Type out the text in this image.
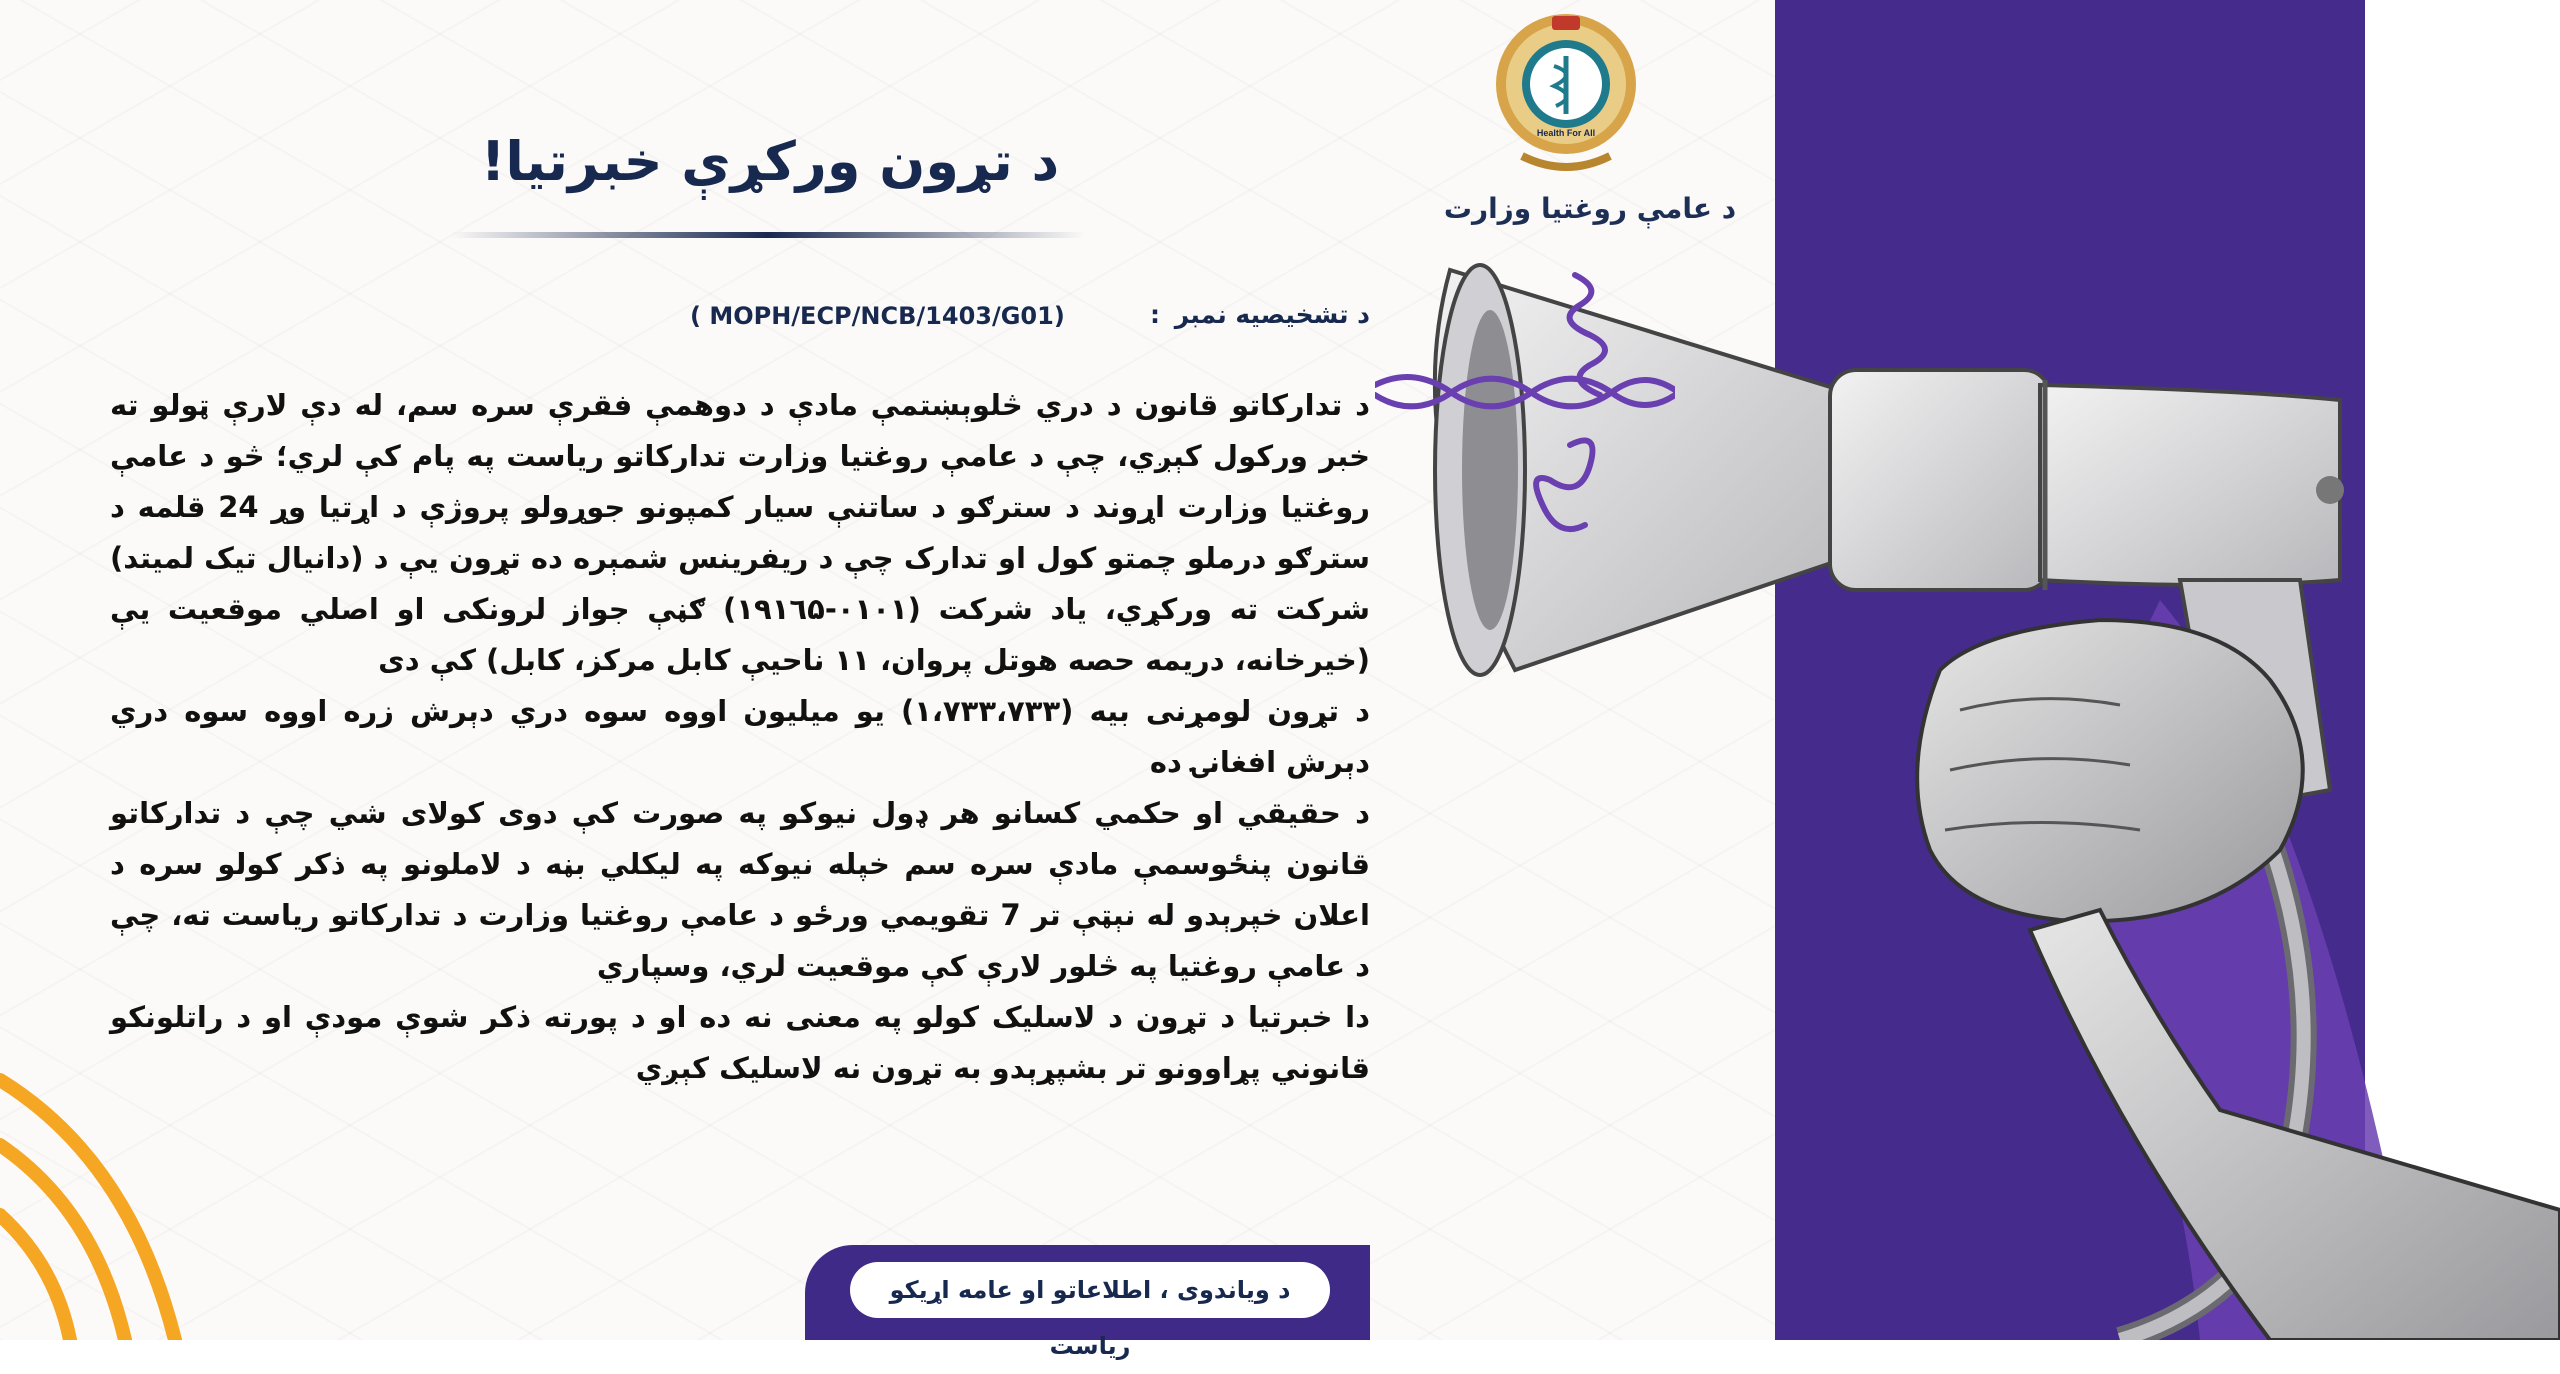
Health For All
د عامې روغتیا وزارت
د تړون ورکړې خبرتیا!
د تشخیصیه نمبر
:
( MOPH/ECP/NCB/1403/G01)

د تدارکاتو قانون د دري څلوېښتمې مادې د دوهمې فقرې سره سم، له دې لارې ټولو ته خبر ورکول کېږي، چې د عامې روغتیا وزارت تدارکاتو ریاست په پام کې لري؛ څو د عامې روغتیا وزارت اړوند د سترګو د ساتنې سیار کمپونو جوړولو پروژې د اړتیا وړ 24 قلمه د سترګو درملو چمتو کول او تدارک چې د ریفرینس شمېره ده تړون یې د (دانیال تیک لمیتد) شرکت ته ورکړي، یاد شرکت (۰۱۰۱-۱۹۱٦۵) ګڼې جواز لرونکی او اصلي موقعیت يې (خیرخانه، دریمه حصه هوتل پروان، ۱۱ ناحیې کابل مرکز، کابل) کې دی

د تړون لومړنی بیه (۱،۷۳۳،۷۳۳) یو میلیون اووه سوه دري دېرش زره اووه سوه دري دېرش افغانۍ ده

د حقیقي او حکمي کسانو هر ډول نیوکو په صورت کې دوی کولای شي چې د تدارکاتو قانون پنځوسمې مادې سره سم خپله نیوکه په لیکلي بڼه د لاملونو په ذکر کولو سره د اعلان خپرېدو له نېټې تر 7 تقویمي ورځو د عامې روغتیا وزارت د تدارکاتو ریاست ته، چې د عامې روغتیا په څلور لارې کې موقعیت لري، وسپاري

دا خبرتیا د تړون د لاسلیک کولو په معنی نه ده او د پورته ذکر شوې مودې او د راتلونکو قانوني پړاوونو تر بشپړېدو به تړون نه لاسلیک کېږي

د ویاندوی ، اطلاعاتو او عامه اړیکو ریاست
